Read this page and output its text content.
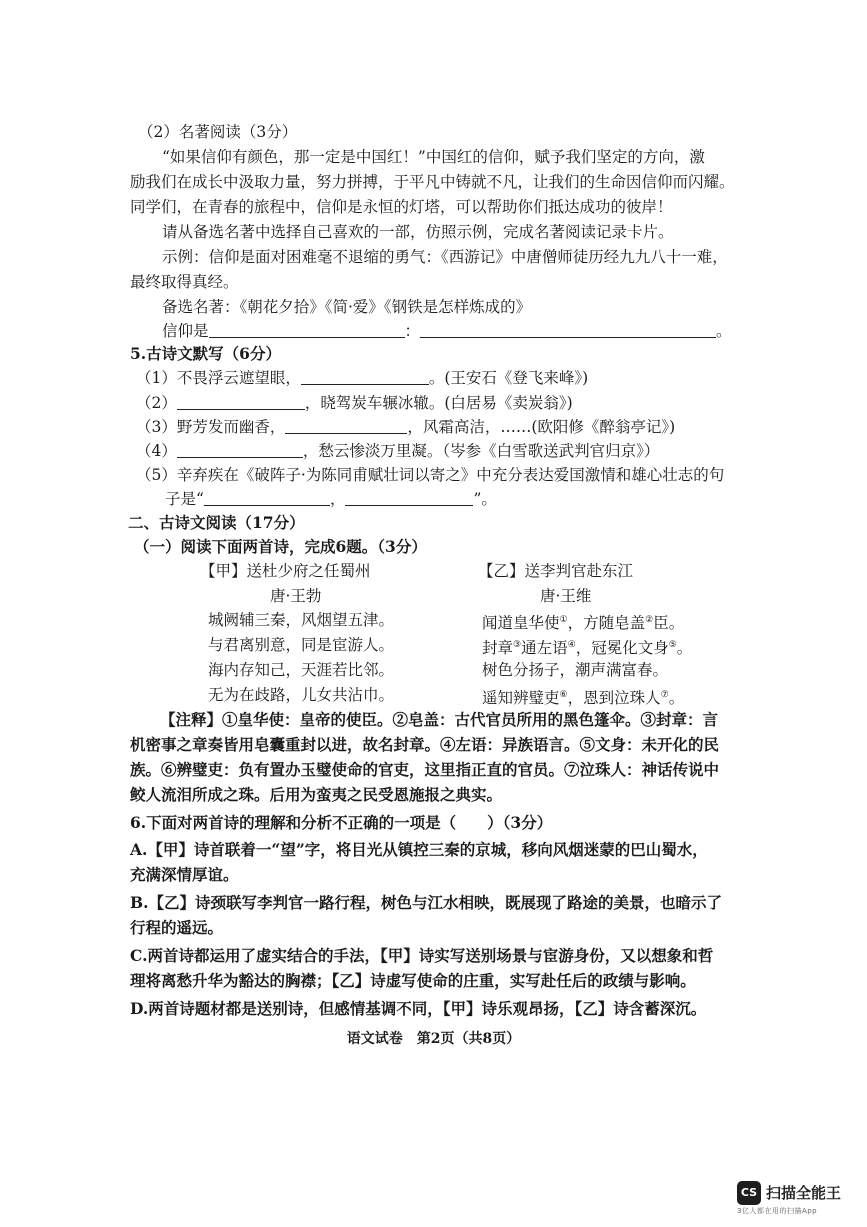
（2）名著阅读（3分）
“如果信仰有颜色，那一定是中国红！”中国红的信仰，赋予我们坚定的方向，激
励我们在成长中汲取力量，努力拼搏，于平凡中铸就不凡，让我们的生命因信仰而闪耀。
同学们，在青春的旅程中，信仰是永恒的灯塔，可以帮助你们抵达成功的彼岸！
请从备选名著中选择自己喜欢的一部，仿照示例，完成名著阅读记录卡片。
示例：信仰是面对困难毫不退缩的勇气：《西游记》中唐僧师徒历经九九八十一难，
最终取得真经。
备选名著：《朝花夕拾》《简·爱》《钢铁是怎样炼成的》
信仰是	：	。
5.古诗文默写（6分）
（1）不畏浮云遮望眼，	。(王安石《登飞来峰》)
（2）	，晓驾炭车辗冰辙。(白居易《卖炭翁》)
（3）野芳发而幽香，	，风霜高洁，……(欧阳修《醉翁亭记》)
（4）	，愁云惨淡万里凝。（岑参《白雪歌送武判官归京》）
（5）辛弃疾在《破阵子·为陈同甫赋壮词以寄之》中充分表达爱国激情和雄心壮志的句
子是“	，	”。
二、古诗文阅读（17分）
（一）阅读下面两首诗，完成6题。（3分）
【甲】送杜少府之任蜀州
唐·王勃
城阙辅三秦，风烟望五津。
与君离别意，同是宦游人。
海内存知己，天涯若比邻。
无为在歧路，儿女共沾巾。
【乙】送李判官赴东江
唐·王维
闻道皇华使①，方随皂盖②臣。
封章③通左语④，冠冕化文身⑤。
树色分扬子，潮声满富春。
遥知辨璧吏⑥，恩到泣珠人⑦。
【注释】①皇华使：皇帝的使臣。②皂盖：古代官员所用的黑色篷伞。③封章：言
机密事之章奏皆用皂囊重封以进，故名封章。④左语：异族语言。⑤文身：未开化的民
族。⑥辨璧吏：负有置办玉璧使命的官吏，这里指正直的官员。⑦泣珠人：神话传说中
鲛人流泪所成之珠。后用为蛮夷之民受恩施报之典实。
6.下面对两首诗的理解和分析不正确的一项是（　　）（3分）
A.【甲】诗首联着一“望”字，将目光从镇控三秦的京城，移向风烟迷蒙的巴山蜀水，
充满深情厚谊。
B.【乙】诗颈联写李判官一路行程，树色与江水相映，既展现了路途的美景，也暗示了
行程的遥远。
C.两首诗都运用了虚实结合的手法，【甲】诗实写送别场景与宦游身份，又以想象和哲
理将离愁升华为豁达的胸襟；【乙】诗虚写使命的庄重，实写赴任后的政绩与影响。
D.两首诗题材都是送别诗，但感情基调不同，【甲】诗乐观昂扬，【乙】诗含蓄深沉。
语文试卷　第2页（共8页）
CS 扫描全能王
3亿人都在用的扫描App
